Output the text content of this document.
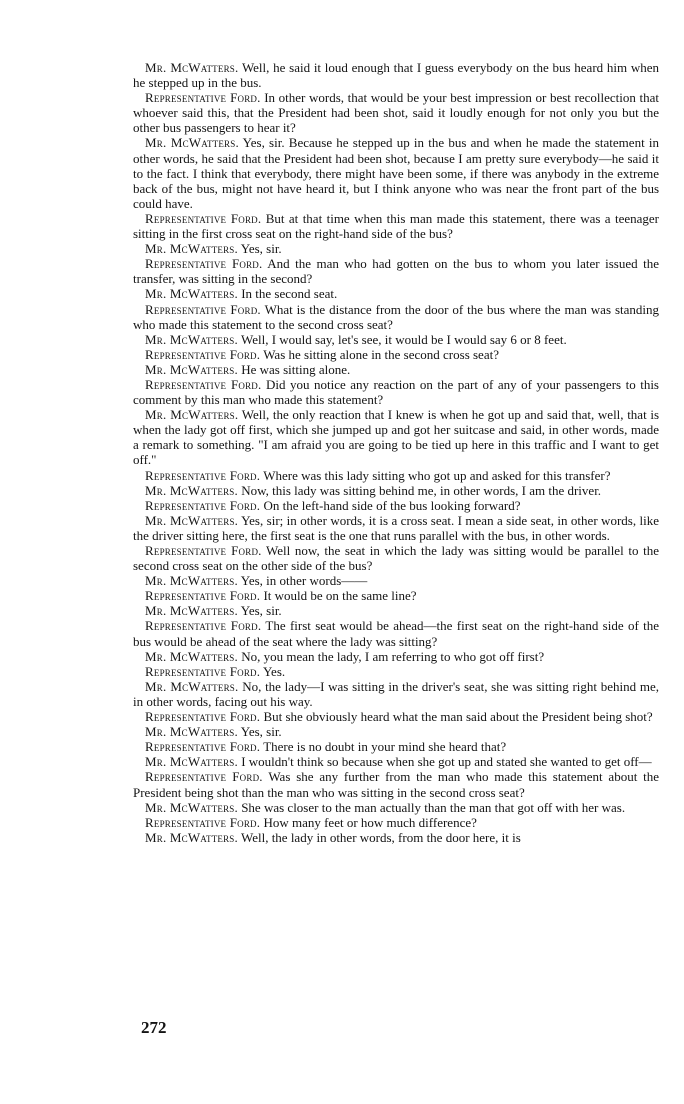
Mr. McWatters. Well, he said it loud enough that I guess everybody on the bus heard him when he stepped up in the bus.

Representative Ford. In other words, that would be your best impression or best recollection that whoever said this, that the President had been shot, said it loudly enough for not only you but the other bus passengers to hear it?

Mr. McWatters. Yes, sir. Because he stepped up in the bus and when he made the statement in other words, he said that the President had been shot, because I am pretty sure everybody—he said it to the fact. I think that everybody, there might have been some, if there was anybody in the extreme back of the bus, might not have heard it, but I think anyone who was near the front part of the bus could have.

Representative Ford. But at that time when this man made this statement, there was a teenager sitting in the first cross seat on the right-hand side of the bus?

Mr. McWatters. Yes, sir.

Representative Ford. And the man who had gotten on the bus to whom you later issued the transfer, was sitting in the second?

Mr. McWatters. In the second seat.

Representative Ford. What is the distance from the door of the bus where the man was standing who made this statement to the second cross seat?

Mr. McWatters. Well, I would say, let's see, it would be I would say 6 or 8 feet.

Representative Ford. Was he sitting alone in the second cross seat?

Mr. McWatters. He was sitting alone.

Representative Ford. Did you notice any reaction on the part of any of your passengers to this comment by this man who made this statement?

Mr. McWatters. Well, the only reaction that I knew is when he got up and said that, well, that is when the lady got off first, which she jumped up and got her suitcase and said, in other words, made a remark to something. "I am afraid you are going to be tied up here in this traffic and I want to get off."

Representative Ford. Where was this lady sitting who got up and asked for this transfer?

Mr. McWatters. Now, this lady was sitting behind me, in other words, I am the driver.

Representative Ford. On the left-hand side of the bus looking forward?

Mr. McWatters. Yes, sir; in other words, it is a cross seat. I mean a side seat, in other words, like the driver sitting here, the first seat is the one that runs parallel with the bus, in other words.

Representative Ford. Well now, the seat in which the lady was sitting would be parallel to the second cross seat on the other side of the bus?

Mr. McWatters. Yes, in other words——

Representative Ford. It would be on the same line?

Mr. McWatters. Yes, sir.

Representative Ford. The first seat would be ahead—the first seat on the right-hand side of the bus would be ahead of the seat where the lady was sitting?

Mr. McWatters. No, you mean the lady, I am referring to who got off first?

Representative Ford. Yes.

Mr. McWatters. No, the lady—I was sitting in the driver's seat, she was sitting right behind me, in other words, facing out his way.

Representative Ford. But she obviously heard what the man said about the President being shot?

Mr. McWatters. Yes, sir.

Representative Ford. There is no doubt in your mind she heard that?

Mr. McWatters. I wouldn't think so because when she got up and stated she wanted to get off—

Representative Ford. Was she any further from the man who made this statement about the President being shot than the man who was sitting in the second cross seat?

Mr. McWatters. She was closer to the man actually than the man that got off with her was.

Representative Ford. How many feet or how much difference?

Mr. McWatters. Well, the lady in other words, from the door here, it is

272
